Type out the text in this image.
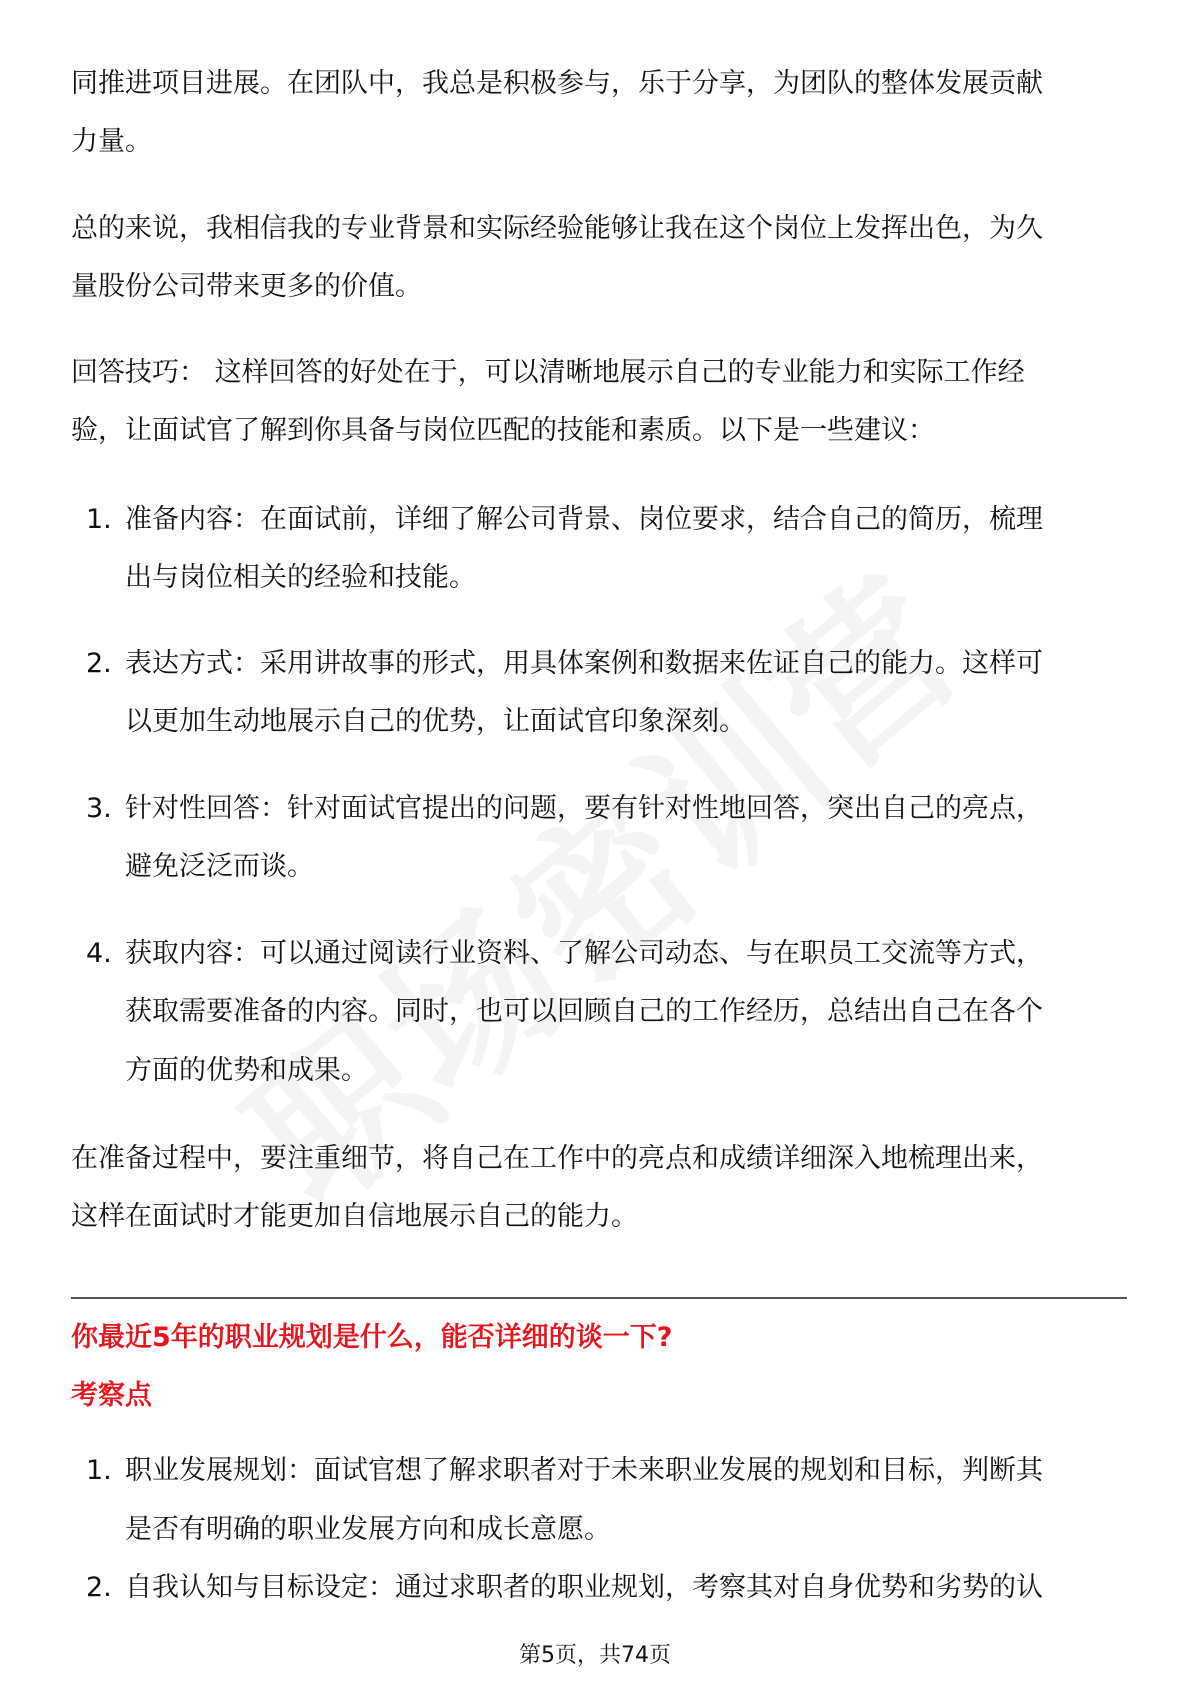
同推进项目进展。在团队中，我总是积极参与，乐于分享，为团队的整体发展贡献
力量。
总的来说，我相信我的专业背景和实际经验能够让我在这个岗位上发挥出色，为久
量股份公司带来更多的价值。
回答技巧： 这样回答的好处在于，可以清晰地展示自己的专业能力和实际工作经
验，让面试官了解到你具备与岗位匹配的技能和素质。以下是一些建议：
1. 准备内容：在面试前，详细了解公司背景、岗位要求，结合自己的简历，梳理
出与岗位相关的经验和技能。
2. 表达方式：采用讲故事的形式，用具体案例和数据来佐证自己的能力。这样可
以更加生动地展示自己的优势，让面试官印象深刻。
3. 针对性回答：针对面试官提出的问题，要有针对性地回答，突出自己的亮点，
避免泛泛而谈。
4. 获取内容：可以通过阅读行业资料、了解公司动态、与在职员工交流等方式，
获取需要准备的内容。同时，也可以回顾自己的工作经历，总结出自己在各个
方面的优势和成果。
在准备过程中，要注重细节，将自己在工作中的亮点和成绩详细深入地梳理出来，
这样在面试时才能更加自信地展示自己的能力。
你最近5年的职业规划是什么，能否详细的谈一下?
考察点
1. 职业发展规划：面试官想了解求职者对于未来职业发展的规划和目标，判断其
是否有明确的职业发展方向和成长意愿。
2. 自我认知与目标设定：通过求职者的职业规划，考察其对自身优势和劣势的认
第5页，共74页
